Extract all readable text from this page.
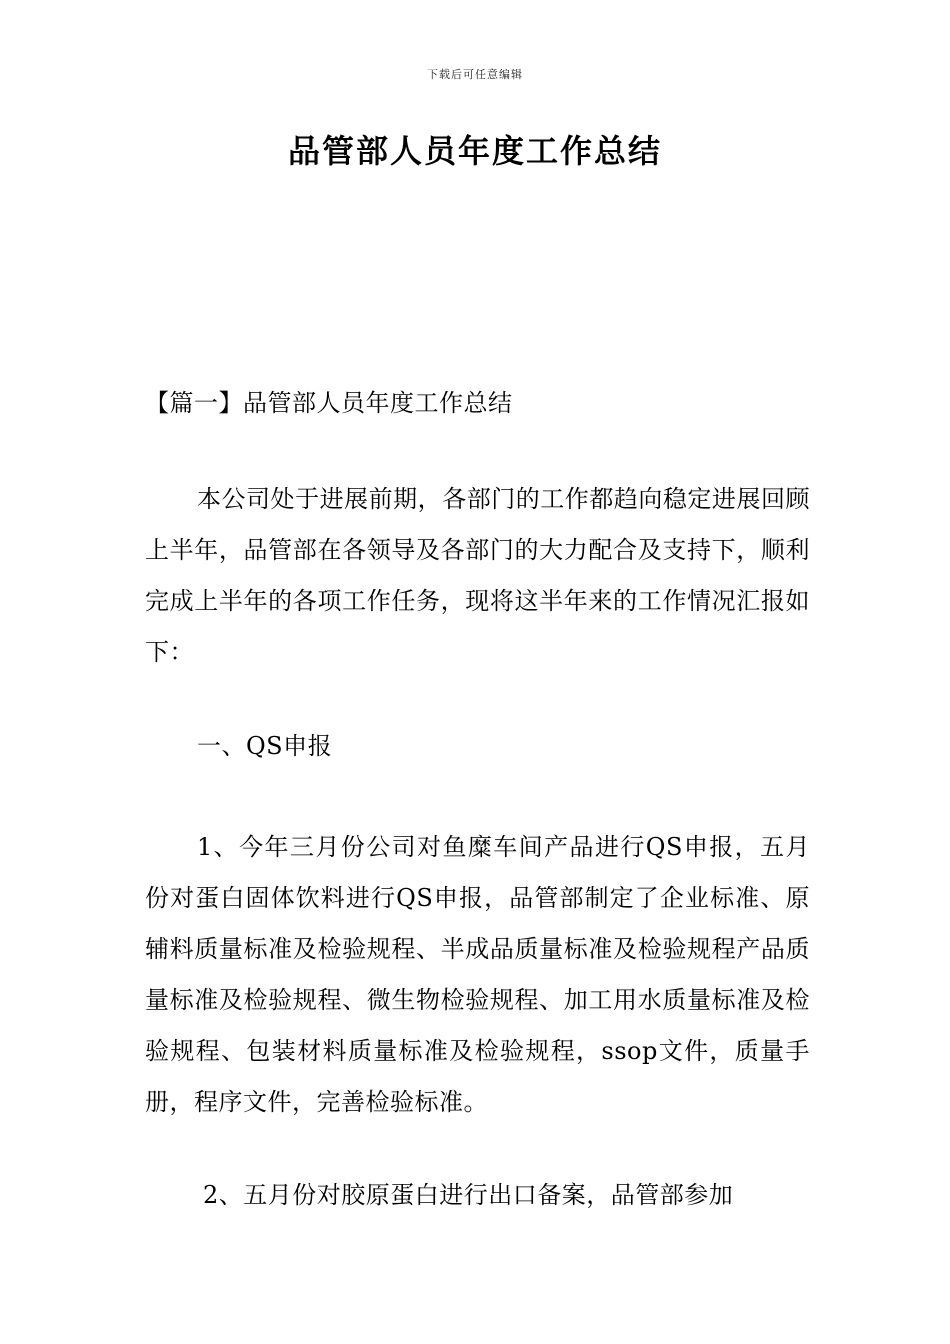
下载后可任意编辑
品管部人员年度工作总结
【篇一】品管部人员年度工作总结
本公司处于进展前期，各部门的工作都趋向稳定进展回顾上半年，品管部在各领导及各部门的大力配合及支持下，顺利完成上半年的各项工作任务，现将这半年来的工作情况汇报如下：
一、QS申报
1、今年三月份公司对鱼糜车间产品进行QS申报，五月份对蛋白固体饮料进行QS申报，品管部制定了企业标准、原辅料质量标准及检验规程、半成品质量标准及检验规程产品质量标准及检验规程、微生物检验规程、加工用水质量标准及检验规程、包装材料质量标准及检验规程，ssop文件，质量手册，程序文件，完善检验标准。
2、五月份对胶原蛋白进行出口备案，品管部参加
